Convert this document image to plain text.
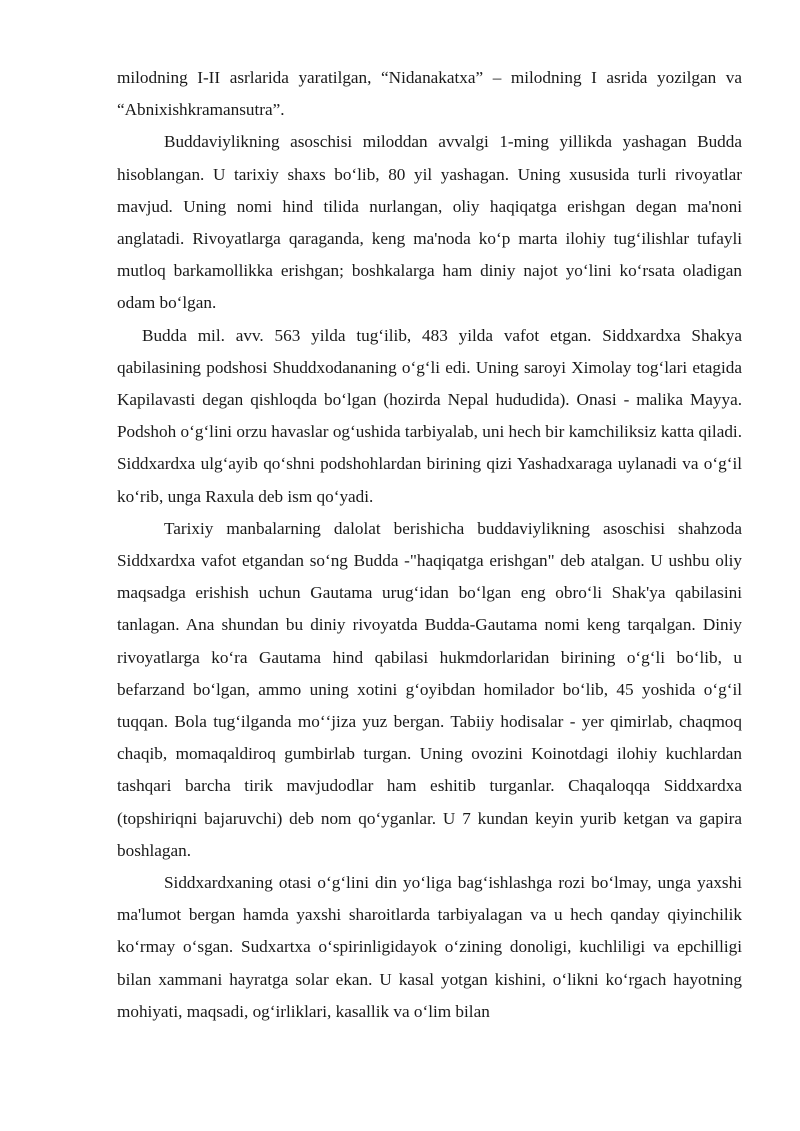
milodning I-II asrlarida yaratilgan, “Nidanakatxa” – milodning I asrida yozilgan va “Abnixishkramansutra”.

Buddaviylikning asoschisi miloddan avvalgi 1-ming yillikda yashagan Budda hisoblangan. U tarixiy shaxs boʻlib, 80 yil yashagan. Uning xususida turli rivoyatlar mavjud. Uning nomi hind tilida nurlangan, oliy haqiqatga erishgan degan ma'noni anglatadi. Rivoyatlarga qaraganda, keng ma'noda koʻp marta ilohiy tugʻilishlar tufayli mutloq barkamollikka erishgan; boshkalarga ham diniy najot yoʻlini koʻrsata oladigan odam boʻlgan.

Budda mil. avv. 563 yilda tugʻilib, 483 yilda vafot etgan. Siddxardxa Shakya qabilasining podshosi Shuddxodananing oʻgʻli edi. Uning saroyi Ximolay togʻlari etagida Kapilavasti degan qishloqda boʻlgan (hozirda Nepal hududida). Onasi - malika Mayya. Podshoh oʻgʻlini orzu havaslar ogʻushida tarbiyalab, uni hech bir kamchiliksiz katta qiladi. Siddxardxa ulgʻayib qoʻshni podshohlardan birining qizi Yashadxaraga uylanadi va oʻgʻil koʻrib, unga Raxula deb ism qoʻyadi.

Tarixiy manbalarning dalolat berishicha buddaviylikning asoschisi shahzoda Siddxardxa vafot etgandan soʻng Budda -"haqiqatga erishgan" deb atalgan. U ushbu oliy maqsadga erishish uchun Gautama urugʻidan boʻlgan eng obroʻli Shak'ya qabilasini tanlagan. Ana shundan bu diniy rivoyatda Budda-Gautama nomi keng tarqalgan. Diniy rivoyatlarga koʻra Gautama hind qabilasi hukmdorlaridan birining oʻgʻli boʻlib, u befarzand boʻlgan, ammo uning xotini gʻoyibdan homilador boʻlib, 45 yoshida oʻgʻil tuqqan. Bola tugʻilganda moʻʻjiza yuz bergan. Tabiiy hodisalar - yer qimirlab, chaqmoq chaqib, momaqaldiroq gumbirlab turgan. Uning ovozini Koinotdagi ilohiy kuchlardan tashqari barcha tirik mavjudodlar ham eshitib turganlar. Chaqaloqqa Siddxardxa (topshiriqni bajaruvchi) deb nom qoʻyganlar. U 7 kundan keyin yurib ketgan va gapira boshlagan.

Siddxardxaning otasi oʻgʻlini din yoʻliga bagʻishlashga rozi boʻlmay, unga yaxshi ma'lumot bergan hamda yaxshi sharoitlarda tarbiyalagan va u hech qanday qiyinchilik koʻrmay oʻsgan. Sudxartxa oʻspirinligidayok oʻzining donoligi, kuchliligi va epchilligi bilan xammani hayratga solar ekan. U kasal yotgan kishini, oʻlikni koʻrgach hayotning mohiyati, maqsadi, ogʻirliklari, kasallik va oʻlim bilan
